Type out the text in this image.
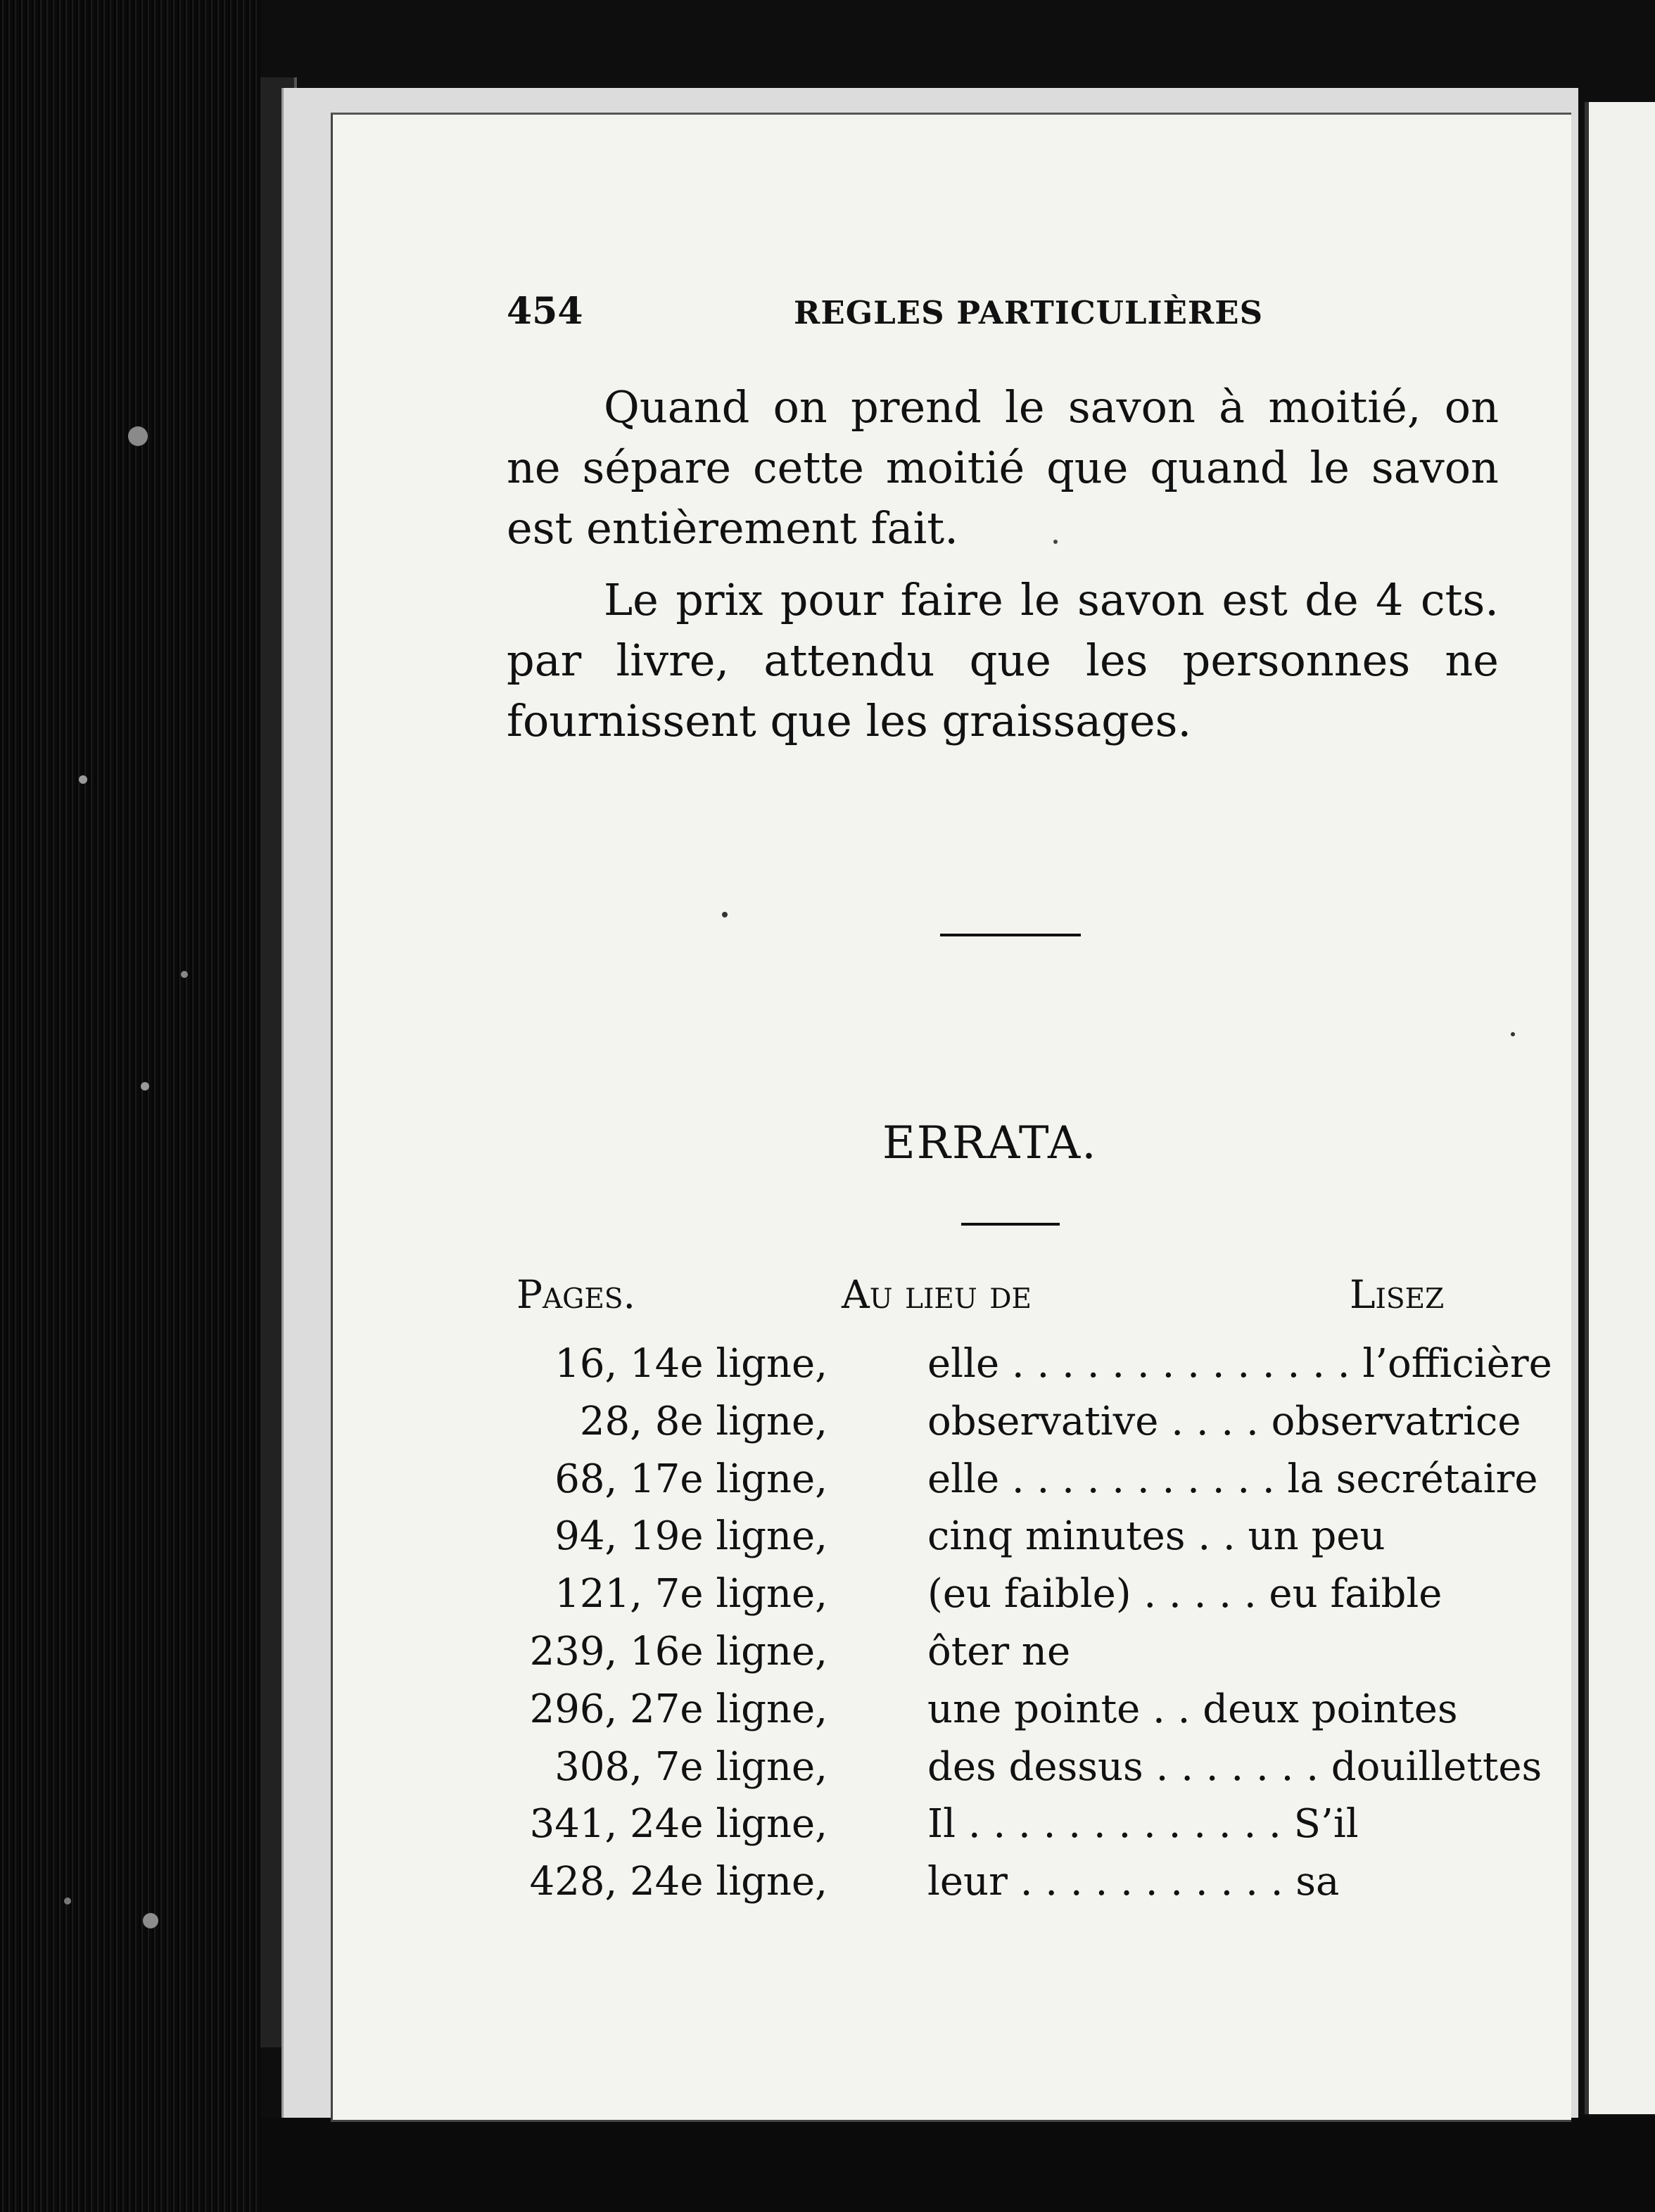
454	REGLES PARTICULIÈRES

Quand on prend le savon à moitié, on ne sépare cette moitié que quand le savon est entièrement fait.

Le prix pour faire le savon est de 4 cts. par livre, attendu que les personnes ne fournissent que les graissages.

ERRATA.
Pages.	Au lieu de	Lisez
16, 14e ligne,	elle . . . . . . . . . . . . . . l’officière
28, 8e ligne,	observative . . . . observatrice
68, 17e ligne,	elle . . . . . . . . . . . la secrétaire
94, 19e ligne,	cinq minutes . . un peu
121, 7e ligne,	(eu faible) . . . . . eu faible
239, 16e ligne,	ôter ne
296, 27e ligne,	une pointe . . deux pointes
308, 7e ligne,	des dessus . . . . . . . douillettes
341, 24e ligne,	Il . . . . . . . . . . . . . S’il
428, 24e ligne,	leur . . . . . . . . . . . sa
